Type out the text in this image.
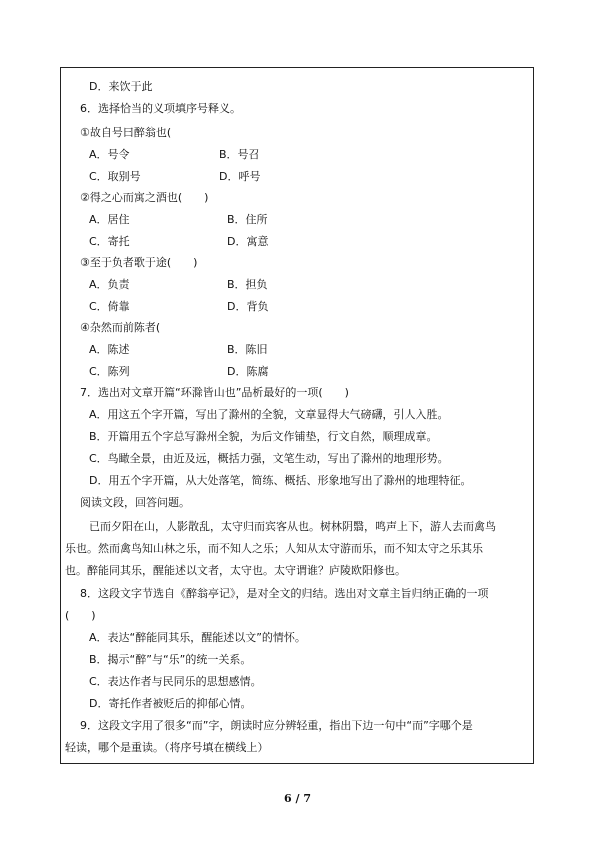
D．来饮于此
6．选择恰当的义项填序号释义。
①故自号曰醉翁也(
A．号令	B．号召
C．取别号	D．呼号
②得之心而寓之酒也(　　)
A．居住	B．住所
C．寄托	D．寓意
③至于负者歌于途(　　)
A．负责	B．担负
C．倚靠	D．背负
④杂然而前陈者(
A．陈述	B．陈旧
C．陈列	D．陈腐
7．选出对文章开篇“环滁皆山也”品析最好的一项(　　)
A．用这五个字开篇，写出了滁州的全貌，文章显得大气磅礴，引人入胜。
B．开篇用五个字总写滁州全貌，为后文作铺垫，行文自然，顺理成章。
C．鸟瞰全景，由近及远，概括力强，文笔生动，写出了滁州的地理形势。
D．用五个字开篇，从大处落笔，简练、概括、形象地写出了滁州的地理特征。
阅读文段，回答问题。
已而夕阳在山，人影散乱，太守归而宾客从也。树林阴翳，鸣声上下，游人去而禽鸟
乐也。然而禽鸟知山林之乐，而不知人之乐；人知从太守游而乐，而不知太守之乐其乐
也。醉能同其乐，醒能述以文者，太守也。太守谓谁？庐陵欧阳修也。
8．这段文字节选自《醉翁亭记》，是对全文的归结。选出对文章主旨归纳正确的一项
(　　)
A．表达“醉能同其乐，醒能述以文”的情怀。
B．揭示“醉”与“乐”的统一关系。
C．表达作者与民同乐的思想感情。
D．寄托作者被贬后的抑郁心情。
9．这段文字用了很多“而”字，朗读时应分辨轻重，指出下边一句中“而”字哪个是
轻读，哪个是重读。（将序号填在横线上）
6 / 7
